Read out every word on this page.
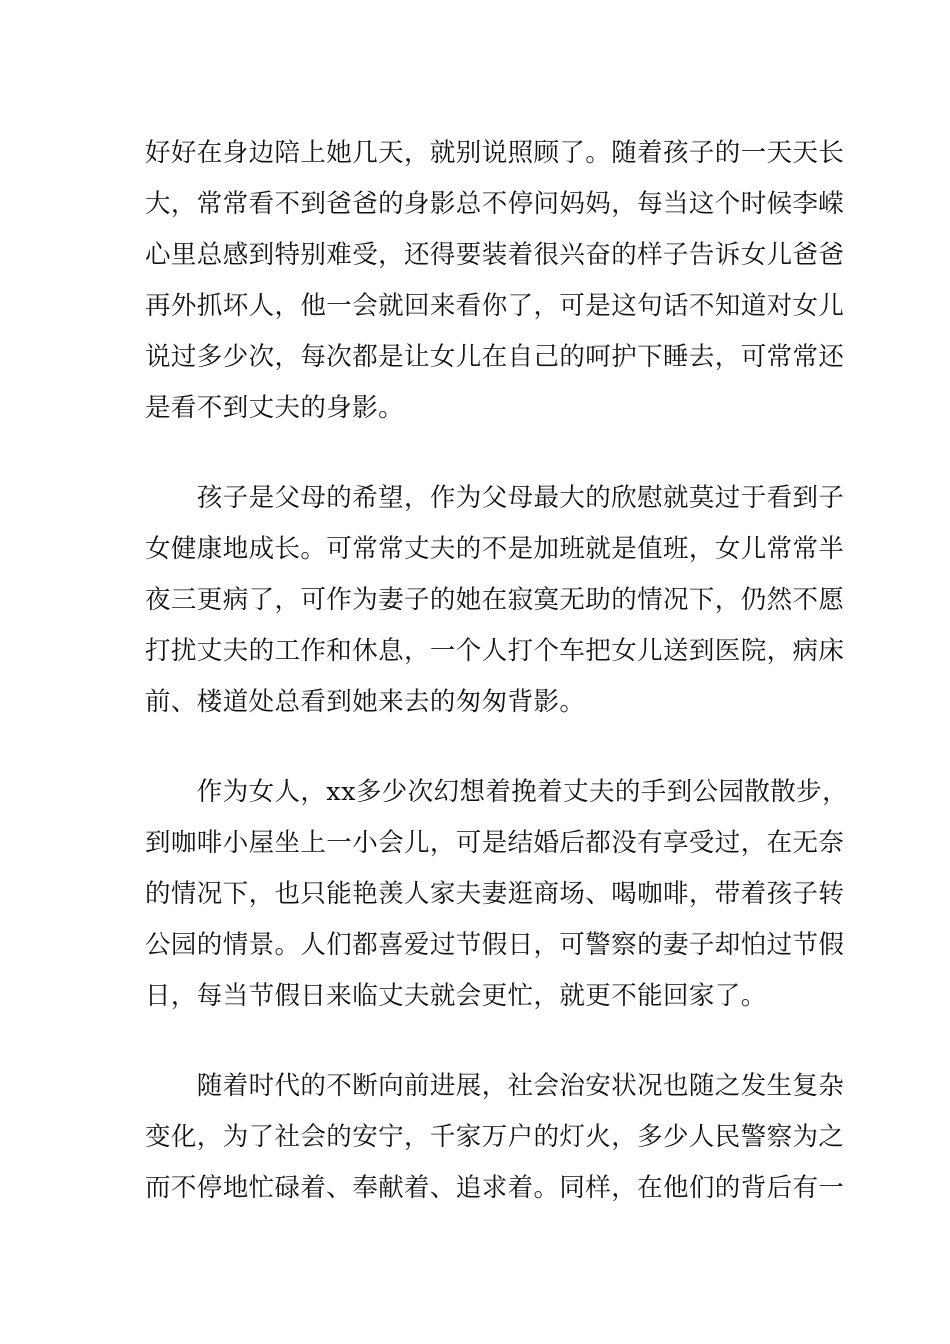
好好在身边陪上她几天，就别说照顾了。随着孩子的一天天长
大，常常看不到爸爸的身影总不停问妈妈，每当这个时候李嵘
心里总感到特别难受，还得要装着很兴奋的样子告诉女儿爸爸
再外抓坏人，他一会就回来看你了，可是这句话不知道对女儿
说过多少次，每次都是让女儿在自己的呵护下睡去，可常常还
是看不到丈夫的身影。

　　孩子是父母的希望，作为父母最大的欣慰就莫过于看到子
女健康地成长。可常常丈夫的不是加班就是值班，女儿常常半
夜三更病了，可作为妻子的她在寂寞无助的情况下，仍然不愿
打扰丈夫的工作和休息，一个人打个车把女儿送到医院，病床
前、楼道处总看到她来去的匆匆背影。

　　作为女人，xx多少次幻想着挽着丈夫的手到公园散散步，
到咖啡小屋坐上一小会儿，可是结婚后都没有享受过，在无奈
的情况下，也只能艳羡人家夫妻逛商场、喝咖啡，带着孩子转
公园的情景。人们都喜爱过节假日，可警察的妻子却怕过节假
日，每当节假日来临丈夫就会更忙，就更不能回家了。

　　随着时代的不断向前进展，社会治安状况也随之发生复杂
变化，为了社会的安宁，千家万户的灯火，多少人民警察为之
而不停地忙碌着、奉献着、追求着。同样，在他们的背后有一
